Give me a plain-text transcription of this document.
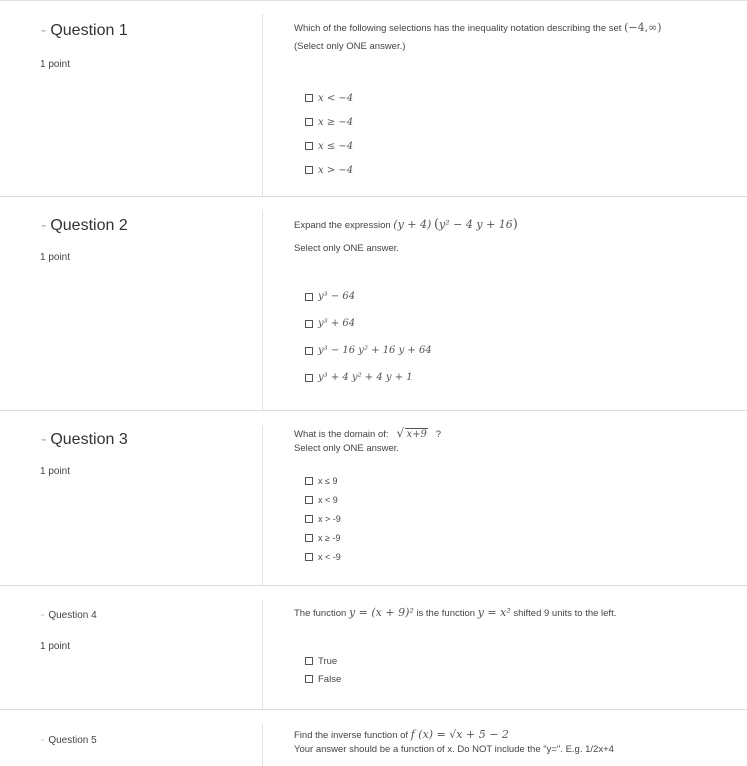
- Question 1
1 point
Which of the following selections has the inequality notation describing the set (−4,∞)
(Select only ONE answer.)
x < −4
x ≥ −4
x ≤ −4
x > −4
- Question 2
1 point
Expand the expression (y + 4) (y² − 4 y + 16)
Select only ONE answer.
y³ − 64
y³ + 64
y³ − 16 y² + 16 y + 64
y³ + 4 y² + 4 y + 1
- Question 3
1 point
What is the domain of: √ x+9 ?
Select only ONE answer.
x ≤ 9
x < 9
x > -9
x ≥ -9
x < -9
- Question 4
1 point
The function y = (x + 9)² is the function y = x² shifted 9 units to the left.
True
False
- Question 5	Find the inverse function of f (x) = √x + 5 − 2
Your answer should be a function of x. Do NOT include the "y=". E.g. 1/2x+4
